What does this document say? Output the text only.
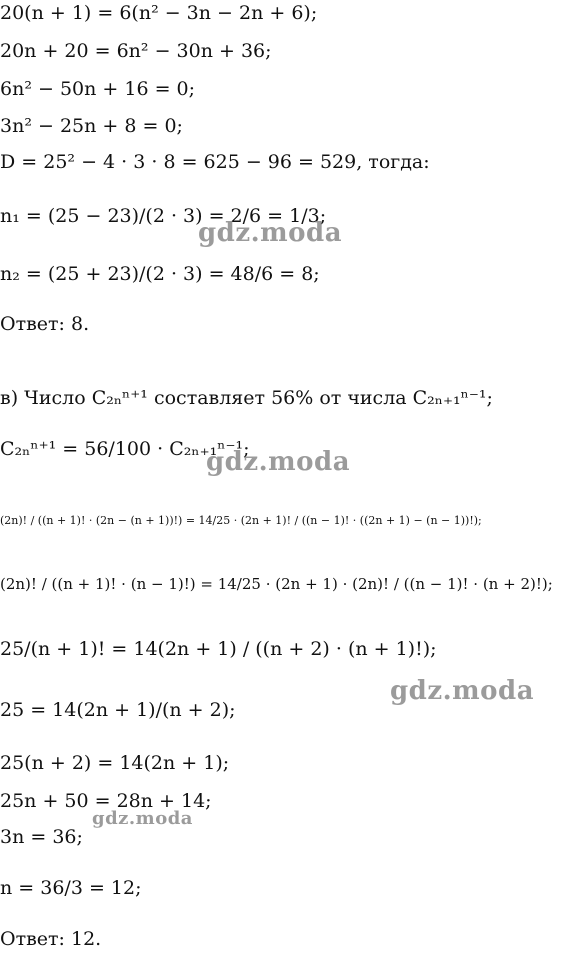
20(n + 1) = 6(n² − 3n − 2n + 6);
20n + 20 = 6n² − 30n + 36;
6n² − 50n + 16 = 0;
3n² − 25n + 8 = 0;
D = 25² − 4 · 3 · 8 = 625 − 96 = 529, тогда:
n₁ = (25 − 23)/(2 · 3) = 2/6 = 1/3;
n₂ = (25 + 23)/(2 · 3) = 48/6 = 8;
Ответ: 8.
в) Число C₂ₙⁿ⁺¹ составляет 56% от числа C₂ₙ₊₁ⁿ⁻¹;
C₂ₙⁿ⁺¹ = 56/100 · C₂ₙ₊₁ⁿ⁻¹;
(2n)! / ((n + 1)! · (2n − (n + 1))!) = 14/25 · (2n + 1)! / ((n − 1)! · ((2n + 1) − (n − 1))!);
(2n)! / ((n + 1)! · (n − 1)!) = 14/25 · (2n + 1) · (2n)! / ((n − 1)! · (n + 2)!);
25/(n + 1)! = 14(2n + 1) / ((n + 2) · (n + 1)!);
25 = 14(2n + 1)/(n + 2);
25(n + 2) = 14(2n + 1);
25n + 50 = 28n + 14;
3n = 36;
n = 36/3 = 12;
Ответ: 12.
gdz.moda
gdz.moda
gdz.moda
gdz.moda
